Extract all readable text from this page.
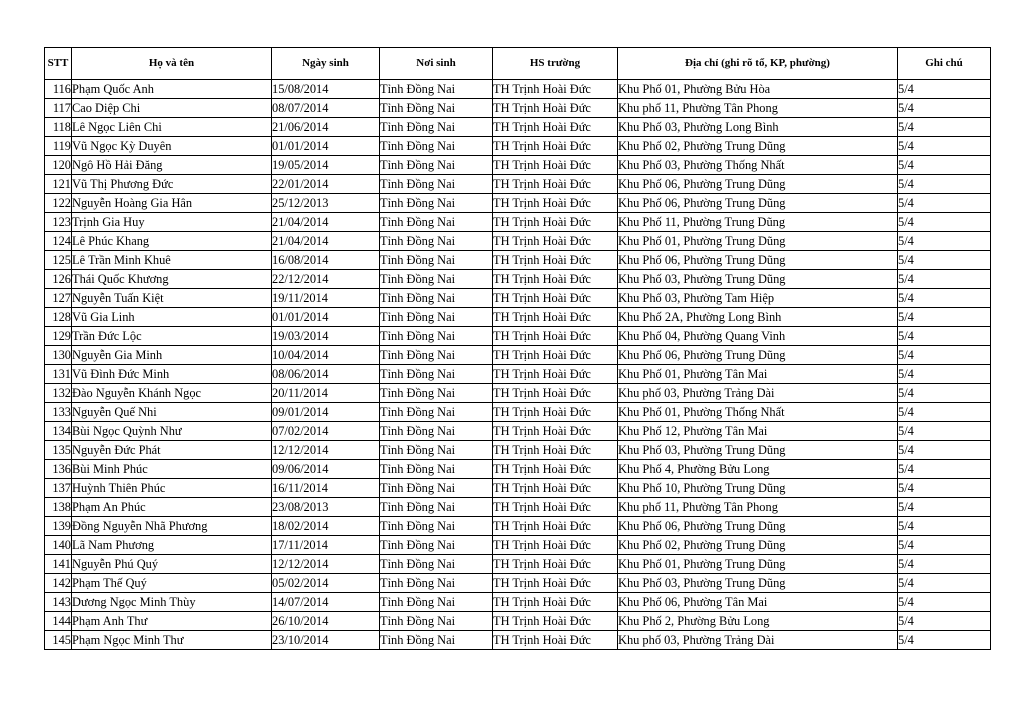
STT	Họ và tên	Ngày sinh	Nơi sinh	HS trường	Địa chỉ (ghi rõ tổ, KP, phường)	Ghi chú
116	Phạm Quốc Anh	15/08/2014	Tỉnh Đồng Nai	TH Trịnh Hoài Đức	Khu Phố 01, Phường Bửu Hòa	5/4
117	Cao Diệp Chi	08/07/2014	Tỉnh Đồng Nai	TH Trịnh Hoài Đức	Khu phố 11, Phường Tân Phong	5/4
118	Lê Ngọc Liên Chi	21/06/2014	Tỉnh Đồng Nai	TH Trịnh Hoài Đức	Khu Phố 03, Phường Long Bình	5/4
119	Vũ Ngọc Kỳ Duyên	01/01/2014	Tỉnh Đồng Nai	TH Trịnh Hoài Đức	Khu Phố 02, Phường Trung Dũng	5/4
120	Ngô Hồ Hải Đăng	19/05/2014	Tỉnh Đồng Nai	TH Trịnh Hoài Đức	Khu Phố 03, Phường Thống Nhất	5/4
121	Vũ Thị Phương Đức	22/01/2014	Tỉnh Đồng Nai	TH Trịnh Hoài Đức	Khu Phố 06, Phường Trung Dũng	5/4
122	Nguyễn Hoàng Gia Hân	25/12/2013	Tỉnh Đồng Nai	TH Trịnh Hoài Đức	Khu Phố 06, Phường Trung Dũng	5/4
123	Trịnh Gia Huy	21/04/2014	Tỉnh Đồng Nai	TH Trịnh Hoài Đức	Khu Phố 11, Phường Trung Dũng	5/4
124	Lê Phúc Khang	21/04/2014	Tỉnh Đồng Nai	TH Trịnh Hoài Đức	Khu Phố 01, Phường Trung Dũng	5/4
125	Lê Trần Minh Khuê	16/08/2014	Tỉnh Đồng Nai	TH Trịnh Hoài Đức	Khu Phố 06, Phường Trung Dũng	5/4
126	Thái Quốc Khương	22/12/2014	Tỉnh Đồng Nai	TH Trịnh Hoài Đức	Khu Phố 03, Phường Trung Dũng	5/4
127	Nguyễn Tuấn Kiệt	19/11/2014	Tỉnh Đồng Nai	TH Trịnh Hoài Đức	Khu Phố 03, Phường Tam Hiệp	5/4
128	Vũ Gia Linh	01/01/2014	Tỉnh Đồng Nai	TH Trịnh Hoài Đức	Khu Phố 2A, Phường Long Bình	5/4
129	Trần Đức Lộc	19/03/2014	Tỉnh Đồng Nai	TH Trịnh Hoài Đức	Khu Phố 04, Phường Quang Vinh	5/4
130	Nguyễn Gia Minh	10/04/2014	Tỉnh Đồng Nai	TH Trịnh Hoài Đức	Khu Phố 06, Phường Trung Dũng	5/4
131	Vũ Đình Đức Minh	08/06/2014	Tỉnh Đồng Nai	TH Trịnh Hoài Đức	Khu Phố 01, Phường Tân Mai	5/4
132	Đào Nguyễn Khánh Ngọc	20/11/2014	Tỉnh Đồng Nai	TH Trịnh Hoài Đức	Khu phố 03, Phường Trảng Dài	5/4
133	Nguyễn Quế Nhi	09/01/2014	Tỉnh Đồng Nai	TH Trịnh Hoài Đức	Khu Phố 01, Phường Thống Nhất	5/4
134	Bùi Ngọc Quỳnh Như	07/02/2014	Tỉnh Đồng Nai	TH Trịnh Hoài Đức	Khu Phố 12, Phường Tân Mai	5/4
135	Nguyễn Đức Phát	12/12/2014	Tỉnh Đồng Nai	TH Trịnh Hoài Đức	Khu Phố 03, Phường Trung Dũng	5/4
136	Bùi Minh Phúc	09/06/2014	Tỉnh Đồng Nai	TH Trịnh Hoài Đức	Khu Phố 4, Phường Bửu Long	5/4
137	Huỳnh Thiên Phúc	16/11/2014	Tỉnh Đồng Nai	TH Trịnh Hoài Đức	Khu Phố 10, Phường Trung Dũng	5/4
138	Phạm An Phúc	23/08/2013	Tỉnh Đồng Nai	TH Trịnh Hoài Đức	Khu phố 11, Phường Tân Phong	5/4
139	Đồng Nguyễn Nhã Phương	18/02/2014	Tỉnh Đồng Nai	TH Trịnh Hoài Đức	Khu Phố 06, Phường Trung Dũng	5/4
140	Lã Nam Phương	17/11/2014	Tỉnh Đồng Nai	TH Trịnh Hoài Đức	Khu Phố 02, Phường Trung Dũng	5/4
141	Nguyễn Phú Quý	12/12/2014	Tỉnh Đồng Nai	TH Trịnh Hoài Đức	Khu Phố 01, Phường Trung Dũng	5/4
142	Phạm Thế Quý	05/02/2014	Tỉnh Đồng Nai	TH Trịnh Hoài Đức	Khu Phố 03, Phường Trung Dũng	5/4
143	Dương Ngọc Minh Thùy	14/07/2014	Tỉnh Đồng Nai	TH Trịnh Hoài Đức	Khu Phố 06, Phường Tân Mai	5/4
144	Phạm Anh Thư	26/10/2014	Tỉnh Đồng Nai	TH Trịnh Hoài Đức	Khu Phố 2, Phường Bửu Long	5/4
145	Phạm Ngọc Minh Thư	23/10/2014	Tỉnh Đồng Nai	TH Trịnh Hoài Đức	Khu phố 03, Phường Trảng Dài	5/4
